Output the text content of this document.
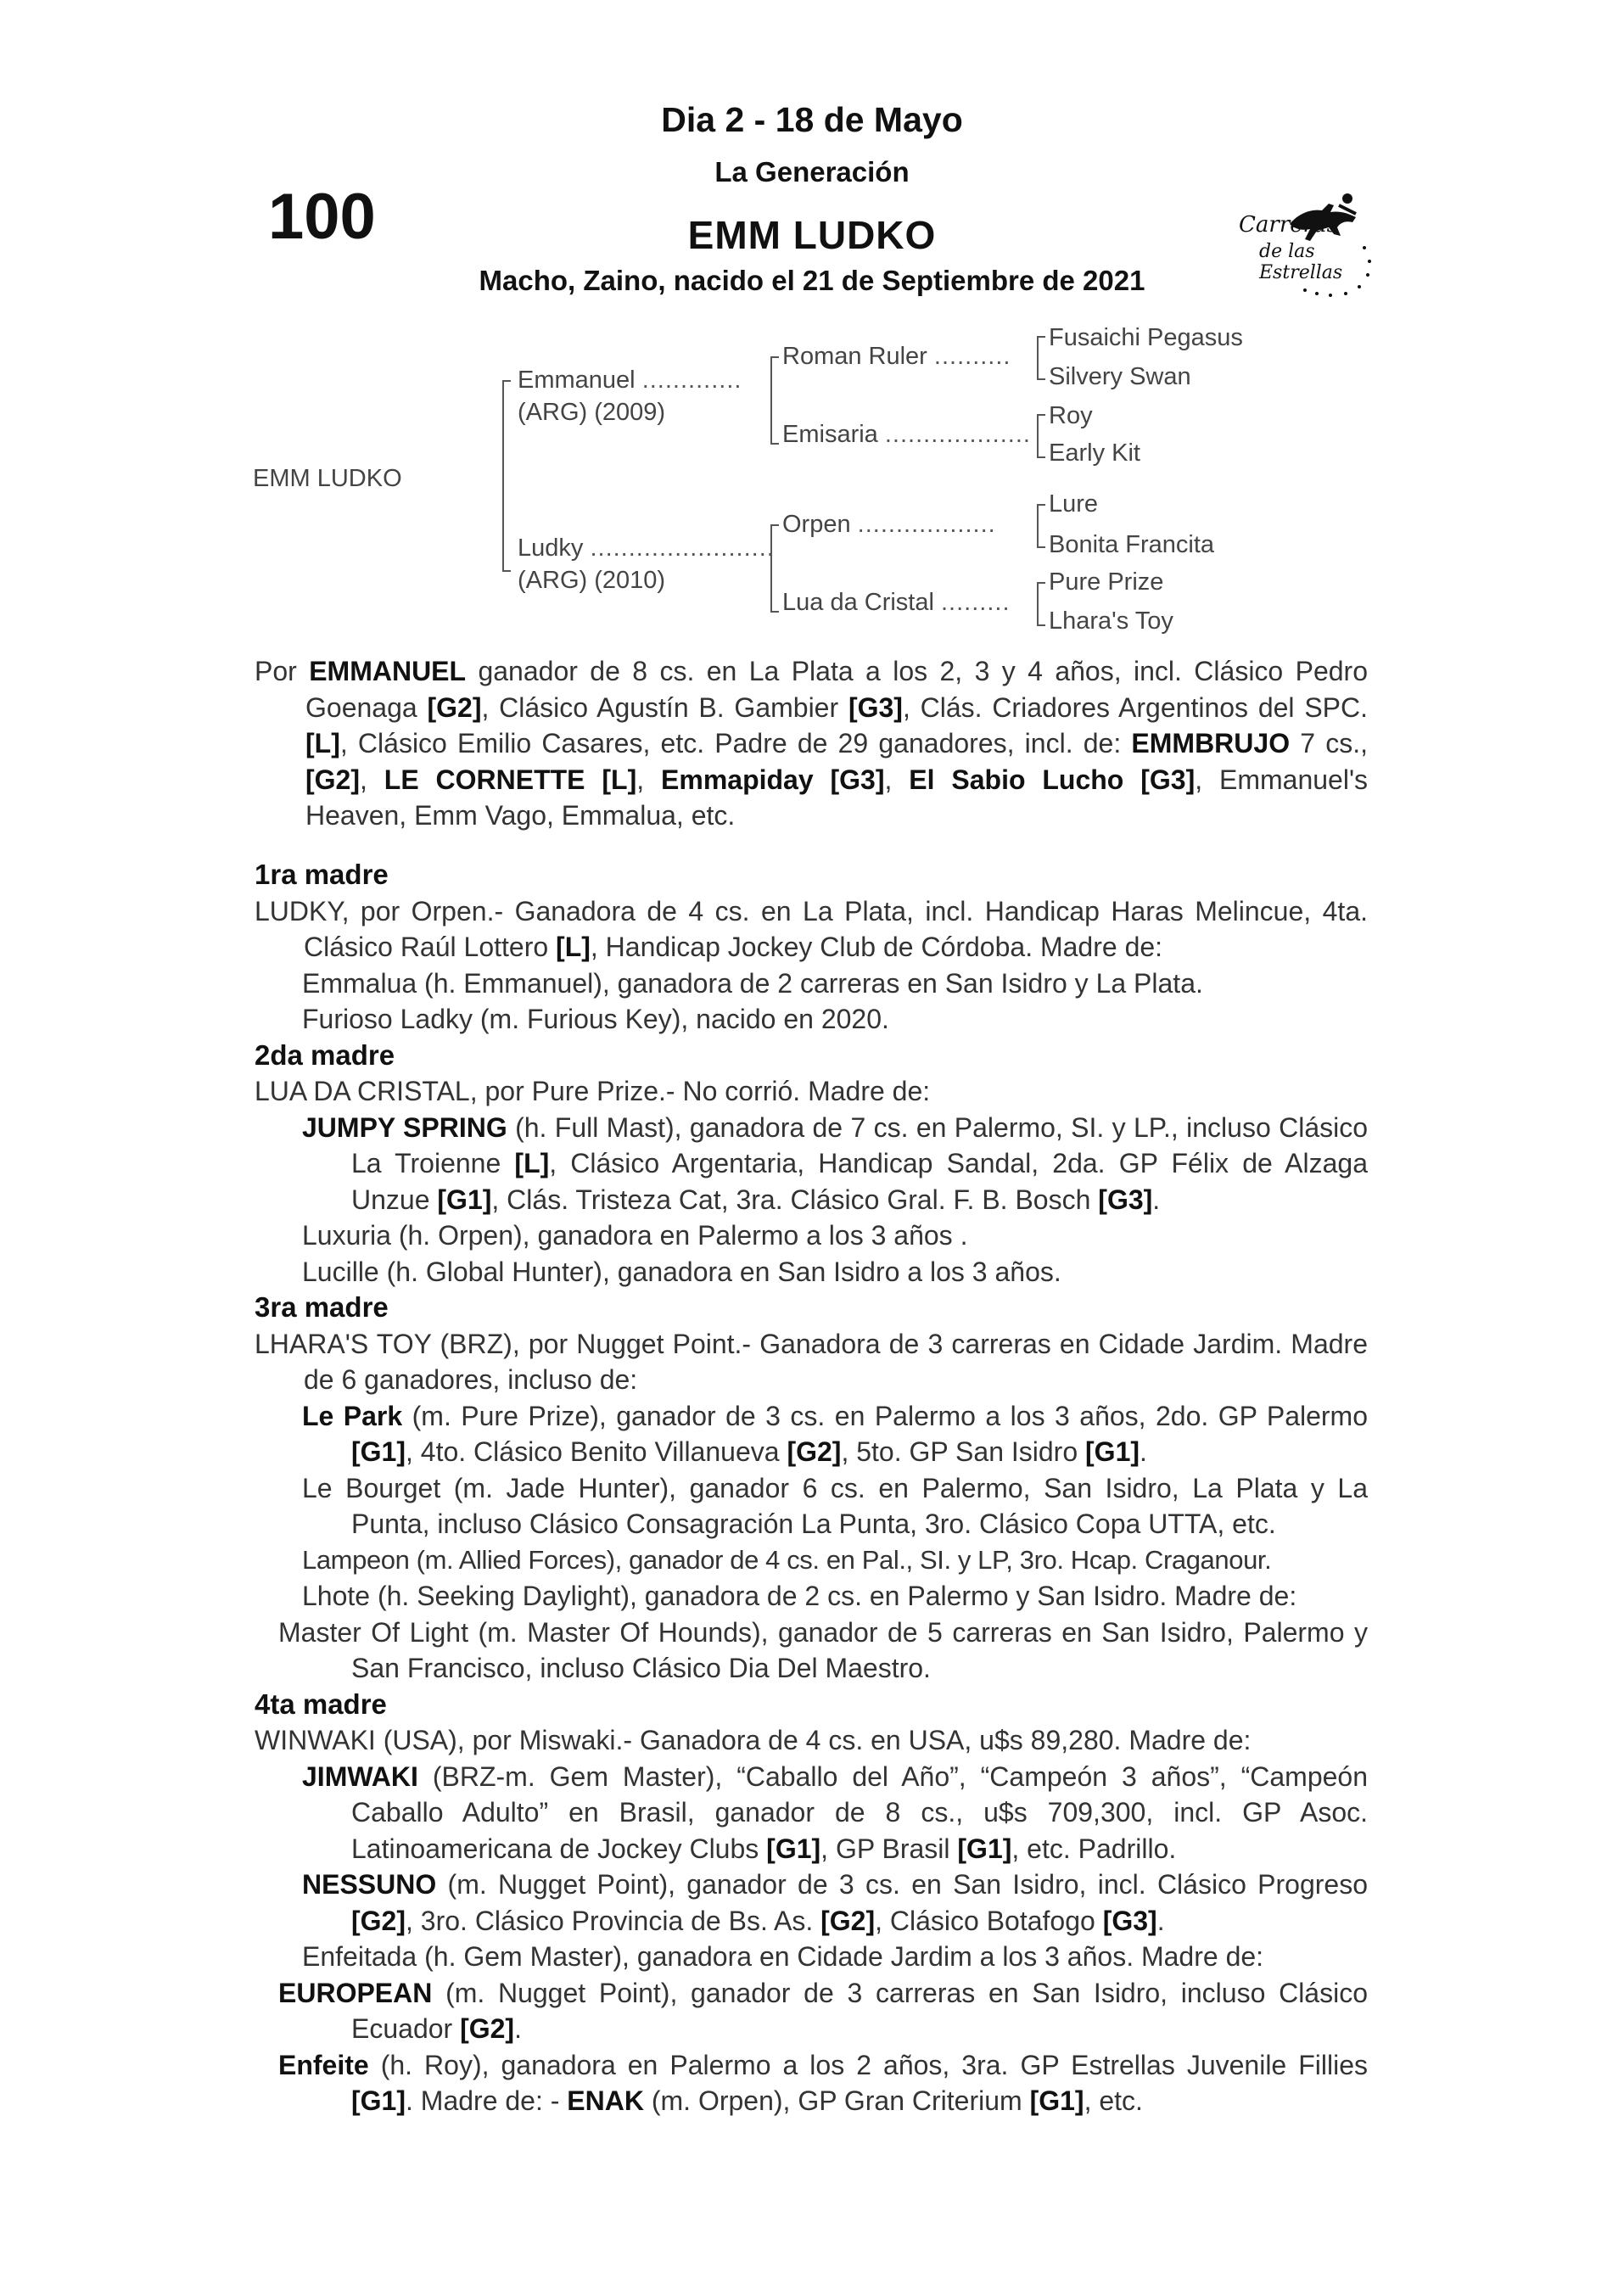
Dia 2 - 18 de Mayo
La Generación
100	EMM LUDKO
Macho, Zaino, nacido el 21 de Septiembre de 2021
Carreras
de las Estrellas
EMM LUDKO
Emmanuel .............
(ARG) (2009)
Ludky ........................
(ARG) (2010)
Roman Ruler ..........
Emisaria ...................
Orpen ..................
Lua da Cristal .........
Fusaichi Pegasus
Silvery Swan
Roy
Early Kit
Lure
Bonita Francita
Pure Prize
Lhara's Toy

Por EMMANUEL ganador de 8 cs. en La Plata a los 2, 3 y 4 años, incl. Clásico Pedro Goenaga [G2], Clásico Agustín B. Gambier [G3], Clás. Criadores Argentinos del SPC. [L], Clásico Emilio Casares, etc. Padre de 29 ganadores, incl. de: EMMBRUJO 7 cs., [G2], LE CORNETTE [L], Emmapiday [G3], El Sabio Lucho [G3], Emmanuel's Heaven, Emm Vago, Emmalua, etc.

1ra madre

LUDKY, por Orpen.- Ganadora de 4 cs. en La Plata, incl. Handicap Haras Melincue, 4ta. Clásico Raúl Lottero [L], Handicap Jockey Club de Córdoba. Madre de:

Emmalua (h. Emmanuel), ganadora de 2 carreras en San Isidro y La Plata.

Furioso Ladky (m. Furious Key), nacido en 2020.

2da madre

LUA DA CRISTAL, por Pure Prize.- No corrió. Madre de:

JUMPY SPRING (h. Full Mast), ganadora de 7 cs. en Palermo, SI. y LP., incluso Clásico La Troienne [L], Clásico Argentaria, Handicap Sandal, 2da. GP Félix de Alzaga Unzue [G1], Clás. Tristeza Cat, 3ra. Clásico Gral. F. B. Bosch [G3].

Luxuria (h. Orpen), ganadora en Palermo a los 3 años .

Lucille (h. Global Hunter), ganadora en San Isidro a los 3 años.

3ra madre

LHARA'S TOY (BRZ), por Nugget Point.- Ganadora de 3 carreras en Cidade Jardim. Madre de 6 ganadores, incluso de:

Le Park (m. Pure Prize), ganador de 3 cs. en Palermo a los 3 años, 2do. GP Palermo [G1], 4to. Clásico Benito Villanueva [G2], 5to. GP San Isidro [G1].

Le Bourget (m. Jade Hunter), ganador 6 cs. en Palermo, San Isidro, La Plata y La Punta, incluso Clásico Consagración La Punta, 3ro. Clásico Copa UTTA, etc.

Lampeon (m. Allied Forces), ganador de 4 cs. en Pal., SI. y LP, 3ro. Hcap. Craganour.

Lhote (h. Seeking Daylight), ganadora de 2 cs. en Palermo y San Isidro. Madre de:

Master Of Light (m. Master Of Hounds), ganador de 5 carreras en San Isidro, Palermo y San Francisco, incluso Clásico Dia Del Maestro.

4ta madre

WINWAKI (USA), por Miswaki.- Ganadora de 4 cs. en USA, u$s 89,280. Madre de:

JIMWAKI (BRZ-m. Gem Master), “Caballo del Año”, “Campeón 3 años”, “Campeón Caballo Adulto” en Brasil, ganador de 8 cs., u$s 709,300, incl. GP Asoc. Latinoamericana de Jockey Clubs [G1], GP Brasil [G1], etc. Padrillo.

NESSUNO (m. Nugget Point), ganador de 3 cs. en San Isidro, incl. Clásico Progreso [G2], 3ro. Clásico Provincia de Bs. As. [G2], Clásico Botafogo [G3].

Enfeitada (h. Gem Master), ganadora en Cidade Jardim a los 3 años. Madre de:

EUROPEAN (m. Nugget Point), ganador de 3 carreras en San Isidro, incluso Clásico Ecuador [G2].

Enfeite (h. Roy), ganadora en Palermo a los 2 años, 3ra. GP Estrellas Juvenile Fillies [G1]. Madre de: - ENAK (m. Orpen), GP Gran Criterium [G1], etc.
